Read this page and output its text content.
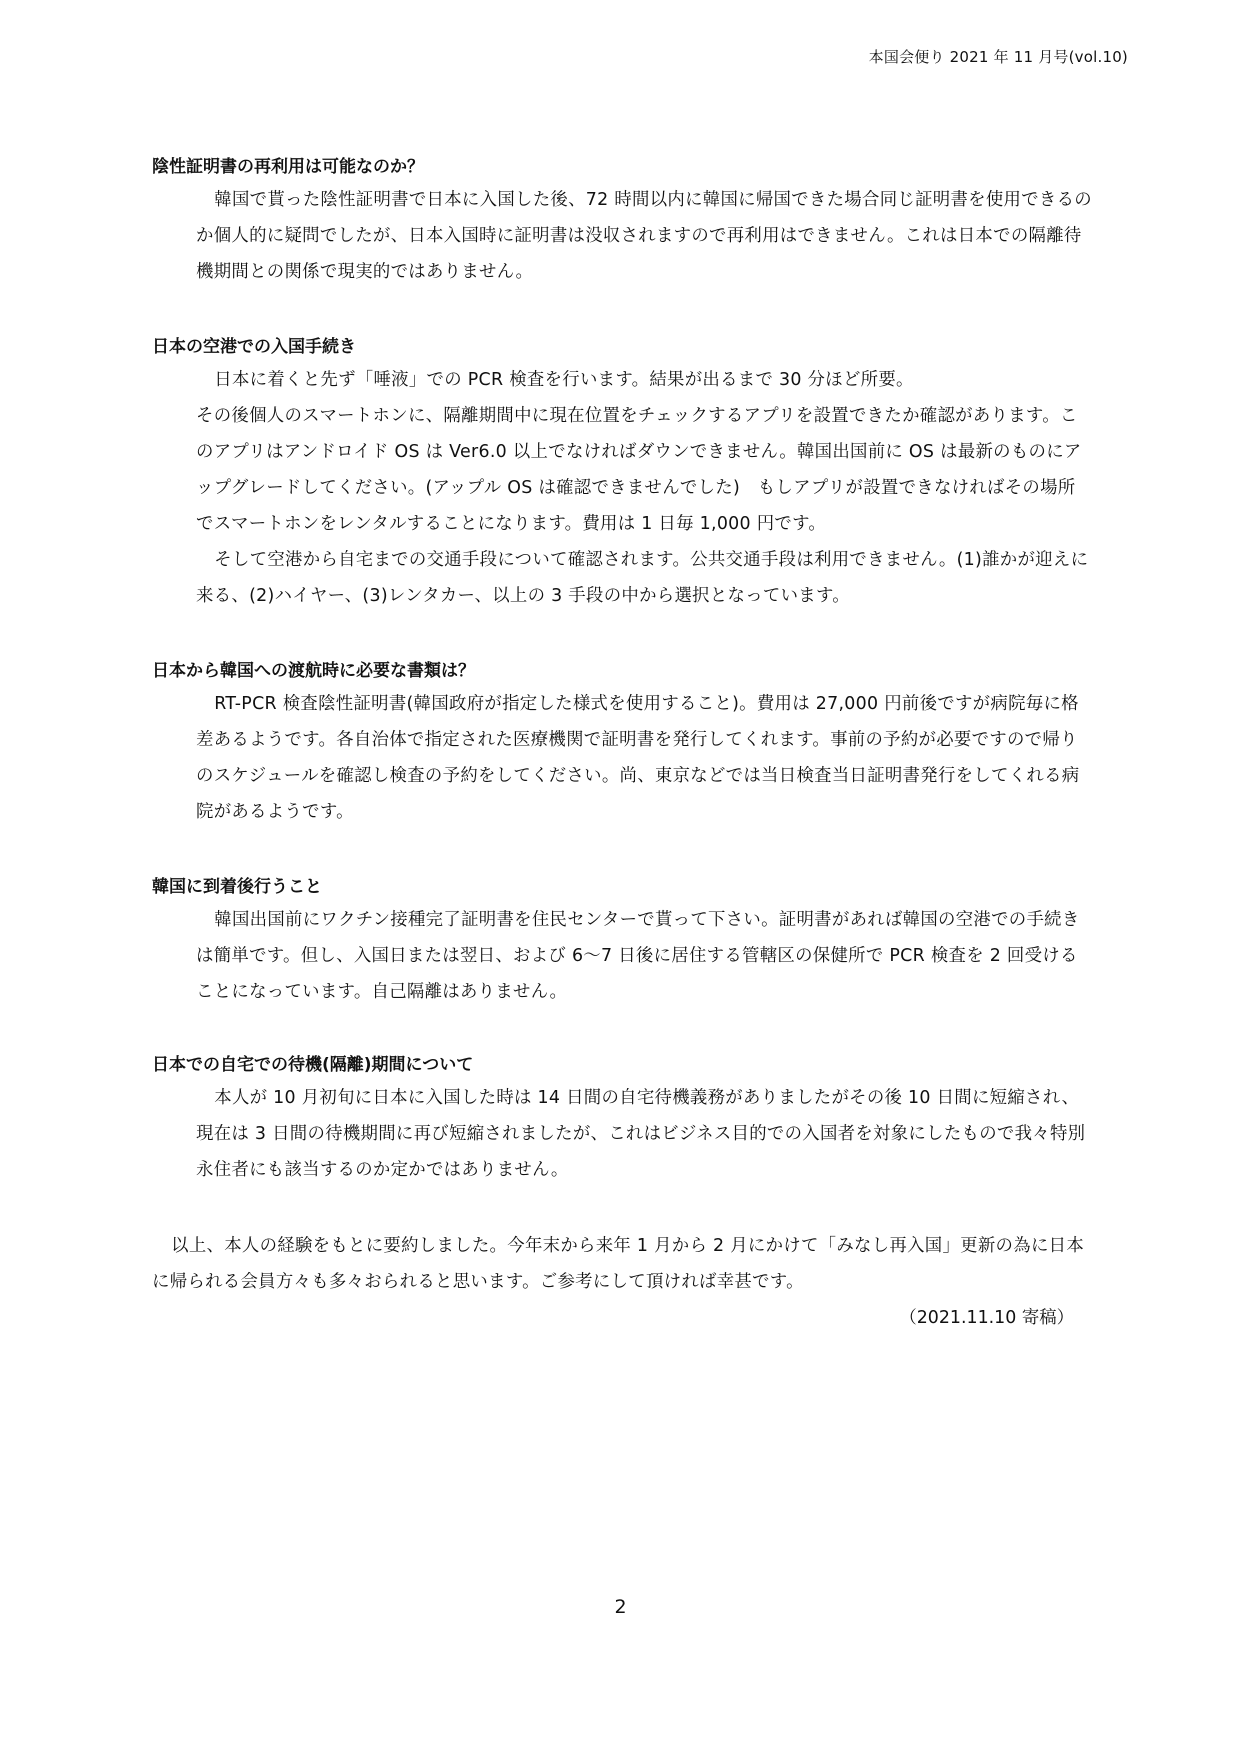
本国会便り 2021 年 11 月号(vol.10)
陰性証明書の再利用は可能なのか？

韓国で貰った陰性証明書で日本に入国した後、72 時間以内に韓国に帰国できた場合同じ証明書を使用できるのか個人的に疑問でしたが、日本入国時に証明書は没収されますので再利用はできません。これは日本での隔離待機期間との関係で現実的ではありません。

日本の空港での入国手続き

日本に着くと先ず「唾液」での PCR 検査を行います。結果が出るまで 30 分ほど所要。

その後個人のスマートホンに、隔離期間中に現在位置をチェックするアプリを設置できたか確認があります。このアプリはアンドロイド OS は Ver6.0 以上でなければダウンできません。韓国出国前に OS は最新のものにアップグレードしてください。(アップル OS は確認できませんでした)　もしアプリが設置できなければその場所でスマートホンをレンタルすることになります。費用は 1 日毎 1,000 円です。

そして空港から自宅までの交通手段について確認されます。公共交通手段は利用できません。(1)誰かが迎えに来る、(2)ハイヤー、(3)レンタカー、以上の 3 手段の中から選択となっています。

日本から韓国への渡航時に必要な書類は？

RT-PCR 検査陰性証明書(韓国政府が指定した様式を使用すること)。費用は 27,000 円前後ですが病院毎に格差あるようです。各自治体で指定された医療機関で証明書を発行してくれます。事前の予約が必要ですので帰りのスケジュールを確認し検査の予約をしてください。尚、東京などでは当日検査当日証明書発行をしてくれる病院があるようです。

韓国に到着後行うこと

韓国出国前にワクチン接種完了証明書を住民センターで貰って下さい。証明書があれば韓国の空港での手続きは簡単です。但し、入国日または翌日、および 6～7 日後に居住する管轄区の保健所で PCR 検査を 2 回受けることになっています。自己隔離はありません。

日本での自宅での待機(隔離)期間について

本人が 10 月初旬に日本に入国した時は 14 日間の自宅待機義務がありましたがその後 10 日間に短縮され、現在は 3 日間の待機期間に再び短縮されましたが、これはビジネス目的での入国者を対象にしたもので我々特別永住者にも該当するのか定かではありません。

以上、本人の経験をもとに要約しました。今年末から来年 1 月から 2 月にかけて「みなし再入国」更新の為に日本に帰られる会員方々も多々おられると思います。ご参考にして頂ければ幸甚です。

（2021.11.10 寄稿）

2
